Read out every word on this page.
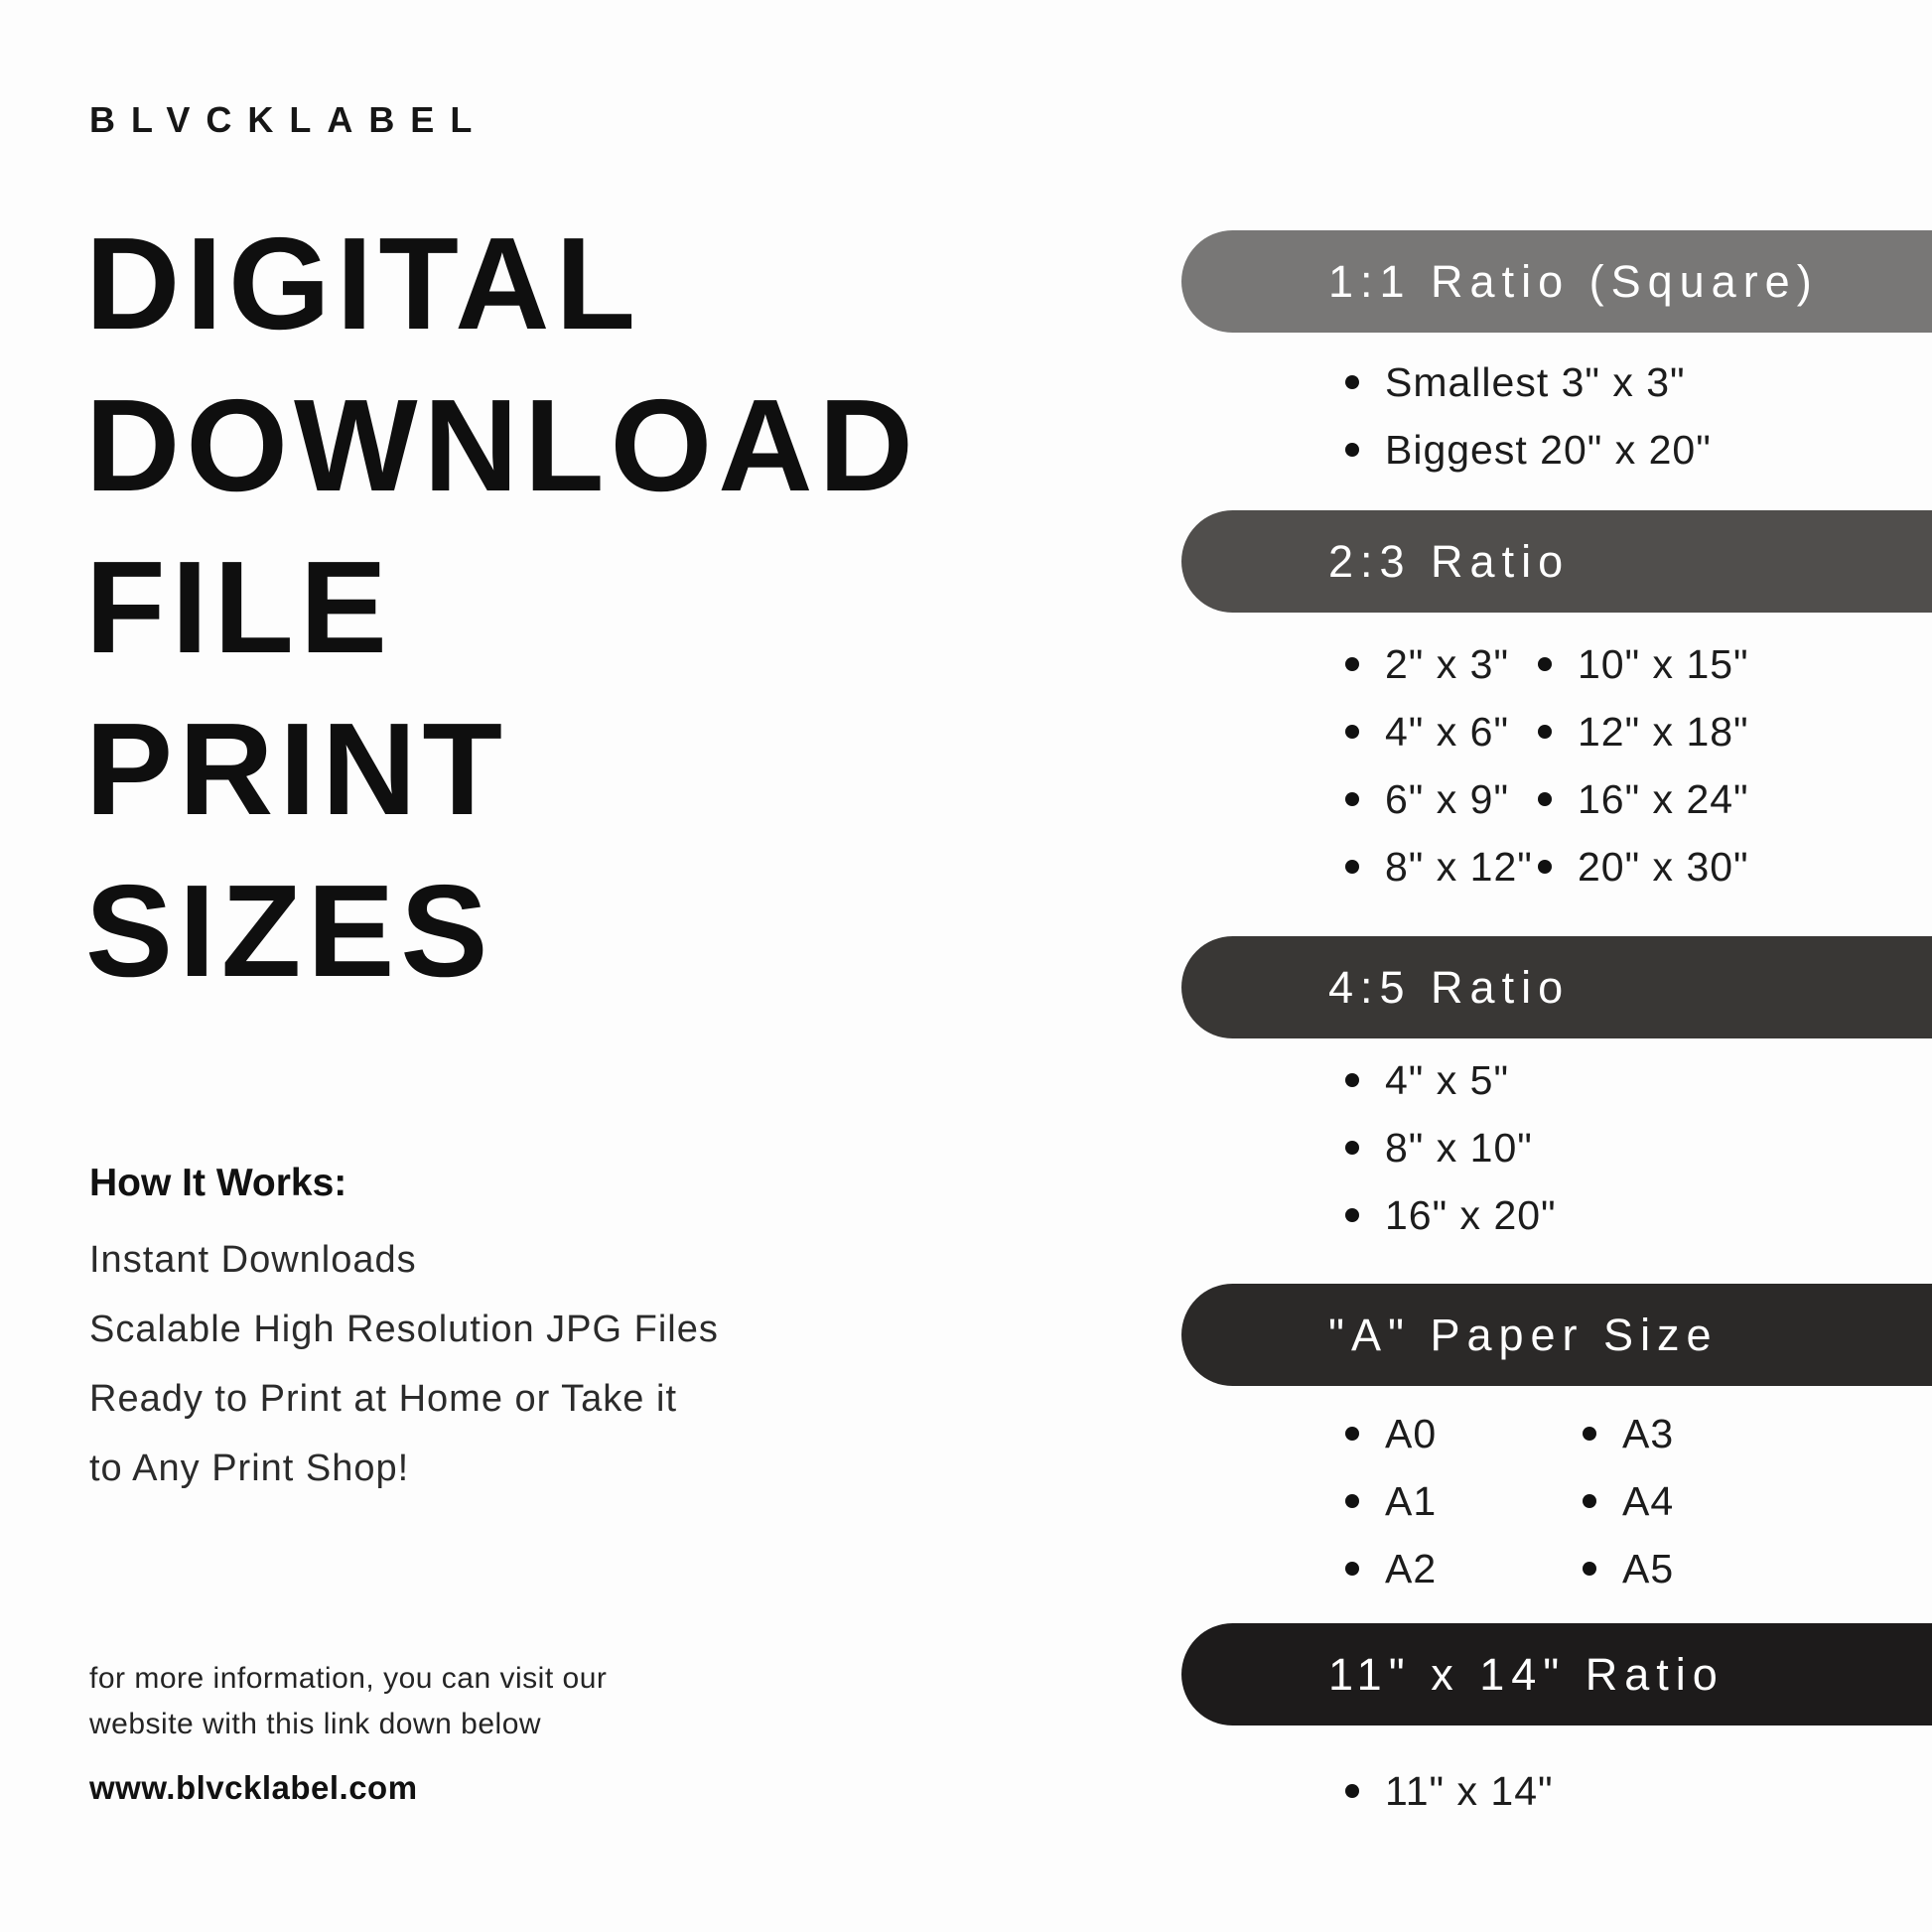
BLVCKLABEL
DIGITAL
DOWNLOAD
FILE
PRINT
SIZES
How It Works:
Instant Downloads
Scalable High Resolution JPG Files
Ready to Print at Home or Take it
to Any Print Shop!
for more information, you can visit our
website with this link down below
www.blvcklabel.com
1:1 Ratio (Square)
Smallest 3" x 3"
Biggest 20" x 20"
2:3 Ratio
2" x 3"
4" x 6"
6" x 9"
8" x 12"
10" x 15"
12" x 18"
16" x 24"
20" x 30"
4:5 Ratio
4" x 5"
8" x 10"
16" x 20"
"A" Paper Size
A0
A1
A2
A3
A4
A5
11" x 14" Ratio
11" x 14"
